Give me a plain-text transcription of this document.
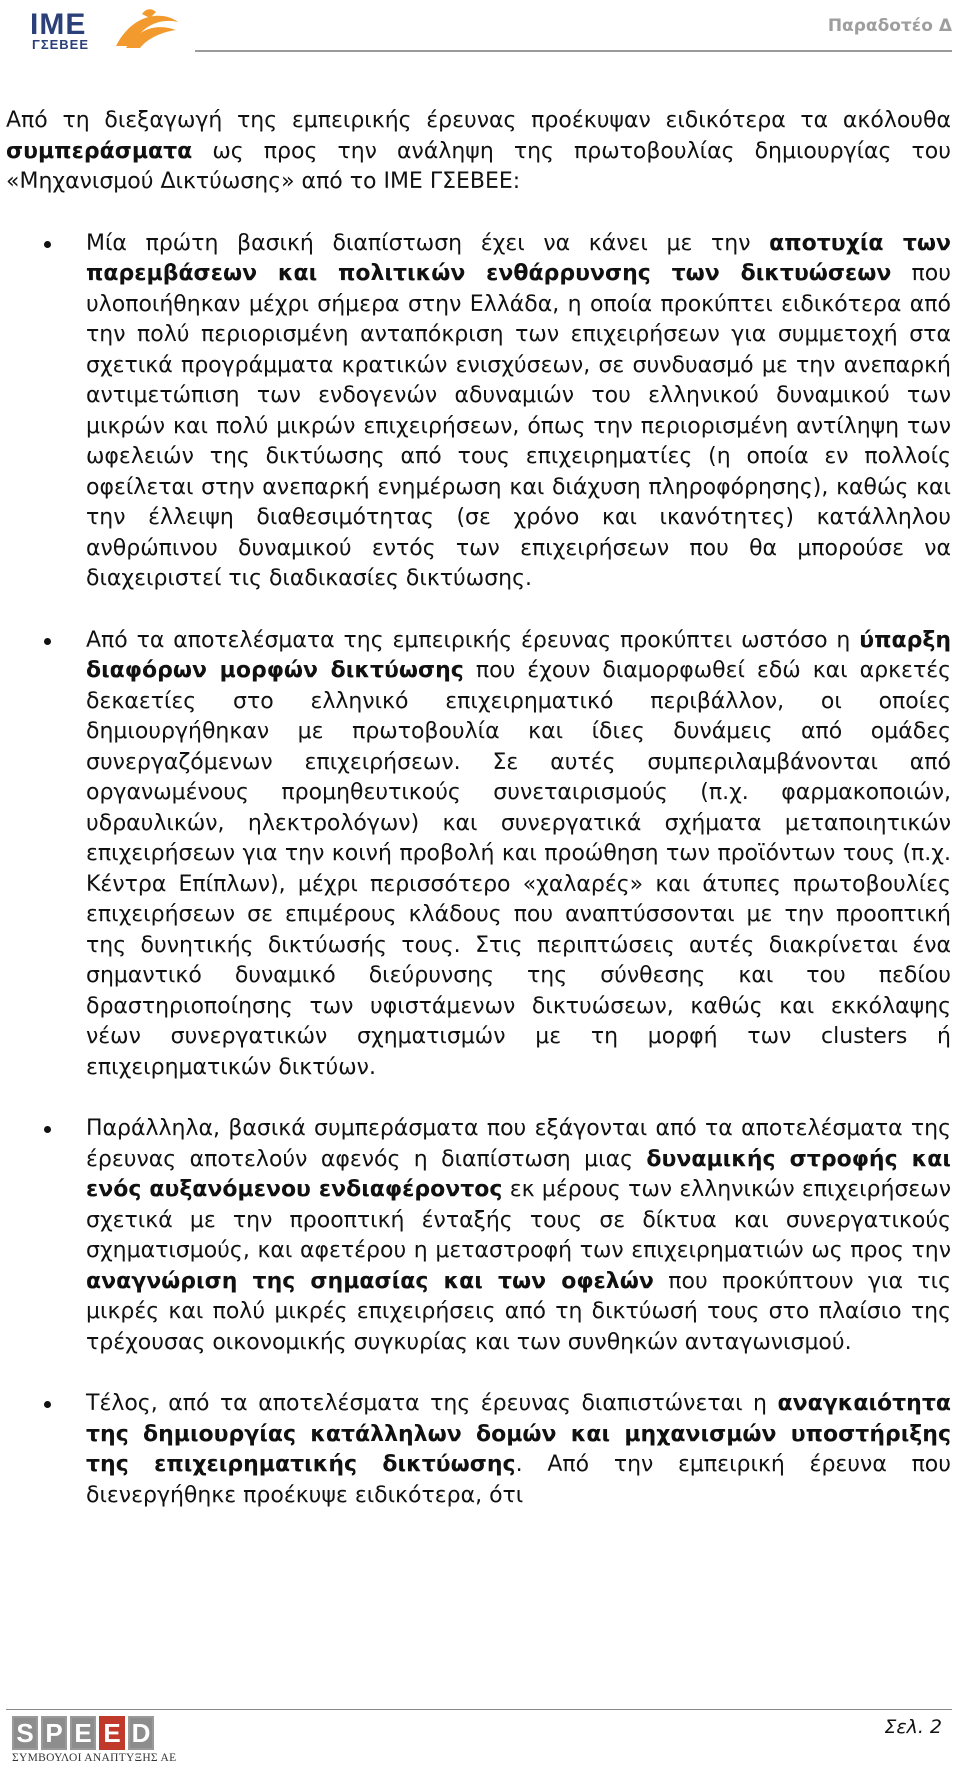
IME
ΓΣΕΒΕΕ
Παραδοτέο Δ

Από τη διεξαγωγή της εμπειρικής έρευνας προέκυψαν ειδικότερα τα ακόλουθα συμπεράσματα ως προς την ανάληψη της πρωτοβουλίας δημιουργίας του «Μηχανισμού Δικτύωσης» από το ΙΜΕ ΓΣΕΒΕΕ:

Μία πρώτη βασική διαπίστωση έχει να κάνει με την αποτυχία των παρεμβάσεων και πολιτικών ενθάρρυνσης των δικτυώσεων που υλοποιήθηκαν μέχρι σήμερα στην Ελλάδα, η οποία προκύπτει ειδικότερα από την πολύ περιορισμένη ανταπόκριση των επιχειρήσεων για συμμετοχή στα σχετικά προγράμματα κρατικών ενισχύσεων, σε συνδυασμό με την ανεπαρκή αντιμετώπιση των ενδογενών αδυναμιών του ελληνικού δυναμικού των μικρών και πολύ μικρών επιχειρήσεων, όπως την περιορισμένη αντίληψη των ωφελειών της δικτύωσης από τους επιχειρηματίες (η οποία εν πολλοίς οφείλεται στην ανεπαρκή ενημέρωση και διάχυση πληροφόρησης), καθώς και την έλλειψη διαθεσιμότητας (σε χρόνο και ικανότητες) κατάλληλου ανθρώπινου δυναμικού εντός των επιχειρήσεων που θα μπορούσε να διαχειριστεί τις διαδικασίες δικτύωσης.
Από τα αποτελέσματα της εμπειρικής έρευνας προκύπτει ωστόσο η ύπαρξη διαφόρων μορφών δικτύωσης που έχουν διαμορφωθεί εδώ και αρκετές δεκαετίες στο ελληνικό επιχειρηματικό περιβάλλον, οι οποίες δημιουργήθηκαν με πρωτοβουλία και ίδιες δυνάμεις από ομάδες συνεργαζόμενων επιχειρήσεων. Σε αυτές συμπεριλαμβάνονται από οργανωμένους προμηθευτικούς συνεταιρισμούς (π.χ. φαρμακοποιών, υδραυλικών, ηλεκτρολόγων) και συνεργατικά σχήματα μεταποιητικών επιχειρήσεων για την κοινή προβολή και προώθηση των προϊόντων τους (π.χ. Κέντρα Επίπλων), μέχρι περισσότερο «χαλαρές» και άτυπες πρωτοβουλίες επιχειρήσεων σε επιμέρους κλάδους που αναπτύσσονται με την προοπτική της δυνητικής δικτύωσής τους. Στις περιπτώσεις αυτές διακρίνεται ένα σημαντικό δυναμικό διεύρυνσης της σύνθεσης και του πεδίου δραστηριοποίησης των υφιστάμενων δικτυώσεων, καθώς και εκκόλαψης νέων συνεργατικών σχηματισμών με τη μορφή των clusters ή επιχειρηματικών δικτύων.
Παράλληλα, βασικά συμπεράσματα που εξάγονται από τα αποτελέσματα της έρευνας αποτελούν αφενός η διαπίστωση μιας δυναμικής στροφής και ενός αυξανόμενου ενδιαφέροντος εκ μέρους των ελληνικών επιχειρήσεων σχετικά με την προοπτική ένταξής τους σε δίκτυα και συνεργατικούς σχηματισμούς, και αφετέρου η μεταστροφή των επιχειρηματιών ως προς την αναγνώριση της σημασίας και των οφελών που προκύπτουν για τις μικρές και πολύ μικρές επιχειρήσεις από τη δικτύωσή τους στο πλαίσιο της τρέχουσας οικονομικής συγκυρίας και των συνθηκών ανταγωνισμού.
Τέλος, από τα αποτελέσματα της έρευνας διαπιστώνεται η αναγκαιότητα της δημιουργίας κατάλληλων δομών και μηχανισμών υποστήριξης της επιχειρηματικής δικτύωσης. Από την εμπειρική έρευνα που διενεργήθηκε προέκυψε ειδικότερα, ότι
S P E E D
ΣΥΜΒΟΥΛΟΙ ΑΝΑΠΤΥΞΗΣ ΑΕ
Σελ. 2
